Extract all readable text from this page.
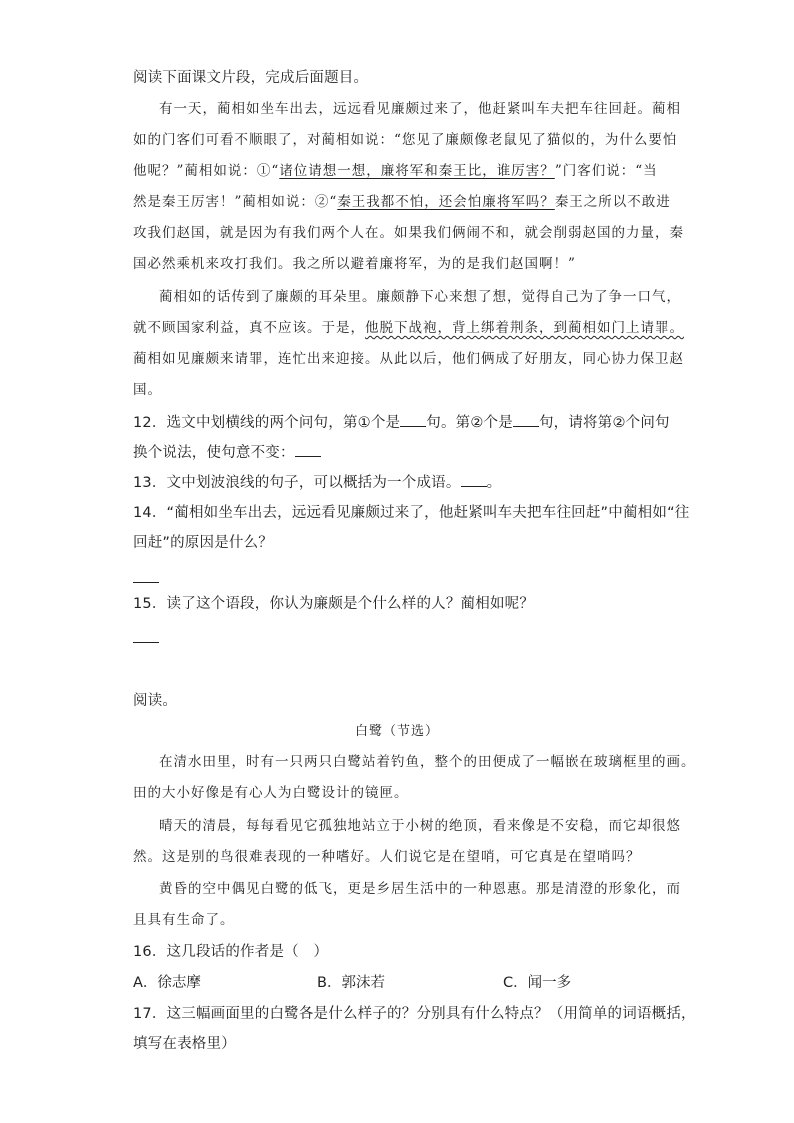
阅读下面课文片段，完成后面题目。
有一天，蔺相如坐车出去，远远看见廉颇过来了，他赶紧叫车夫把车往回赶。蔺相
如的门客们可看不顺眼了，对蔺相如说：“您见了廉颇像老鼠见了猫似的，为什么要怕
他呢？”蔺相如说：①“诸位请想一想，廉将军和秦王比，谁厉害？”门客们说：“当
然是秦王厉害！”蔺相如说：②“秦王我都不怕，还会怕廉将军吗？秦王之所以不敢进
攻我们赵国，就是因为有我们两个人在。如果我们俩闹不和，就会削弱赵国的力量，秦
国必然乘机来攻打我们。我之所以避着廉将军，为的是我们赵国啊！”
蔺相如的话传到了廉颇的耳朵里。廉颇静下心来想了想，觉得自己为了争一口气，
就不顾国家利益，真不应该。于是，他脱下战袍，背上绑着荆条，到蔺相如门上请罪。
蔺相如见廉颇来请罪，连忙出来迎接。从此以后，他们俩成了好朋友，同心协力保卫赵
国。
12．选文中划横线的两个问句，第①个是 句。第②个是 句，请将第②个问句
换个说法，使句意不变：
13．文中划波浪线的句子，可以概括为一个成语。 。
14．“蔺相如坐车出去，远远看见廉颇过来了，他赶紧叫车夫把车往回赶”中蔺相如“往
回赶”的原因是什么？
15．读了这个语段，你认为廉颇是个什么样的人？蔺相如呢？
阅读。
白鹭（节选）
在清水田里，时有一只两只白鹭站着钓鱼，整个的田便成了一幅嵌在玻璃框里的画。
田的大小好像是有心人为白鹭设计的镜匣。
晴天的清晨，每每看见它孤独地站立于小树的绝顶，看来像是不安稳，而它却很悠
然。这是别的鸟很难表现的一种嗜好。人们说它是在望哨，可它真是在望哨吗？
黄昏的空中偶见白鹭的低飞，更是乡居生活中的一种恩惠。那是清澄的形象化，而
且具有生命了。
16．这几段话的作者是（　）
A．徐志摩	B．郭沫若	C．闻一多
17．这三幅画面里的白鹭各是什么样子的？分别具有什么特点？（用简单的词语概括，
填写在表格里）
